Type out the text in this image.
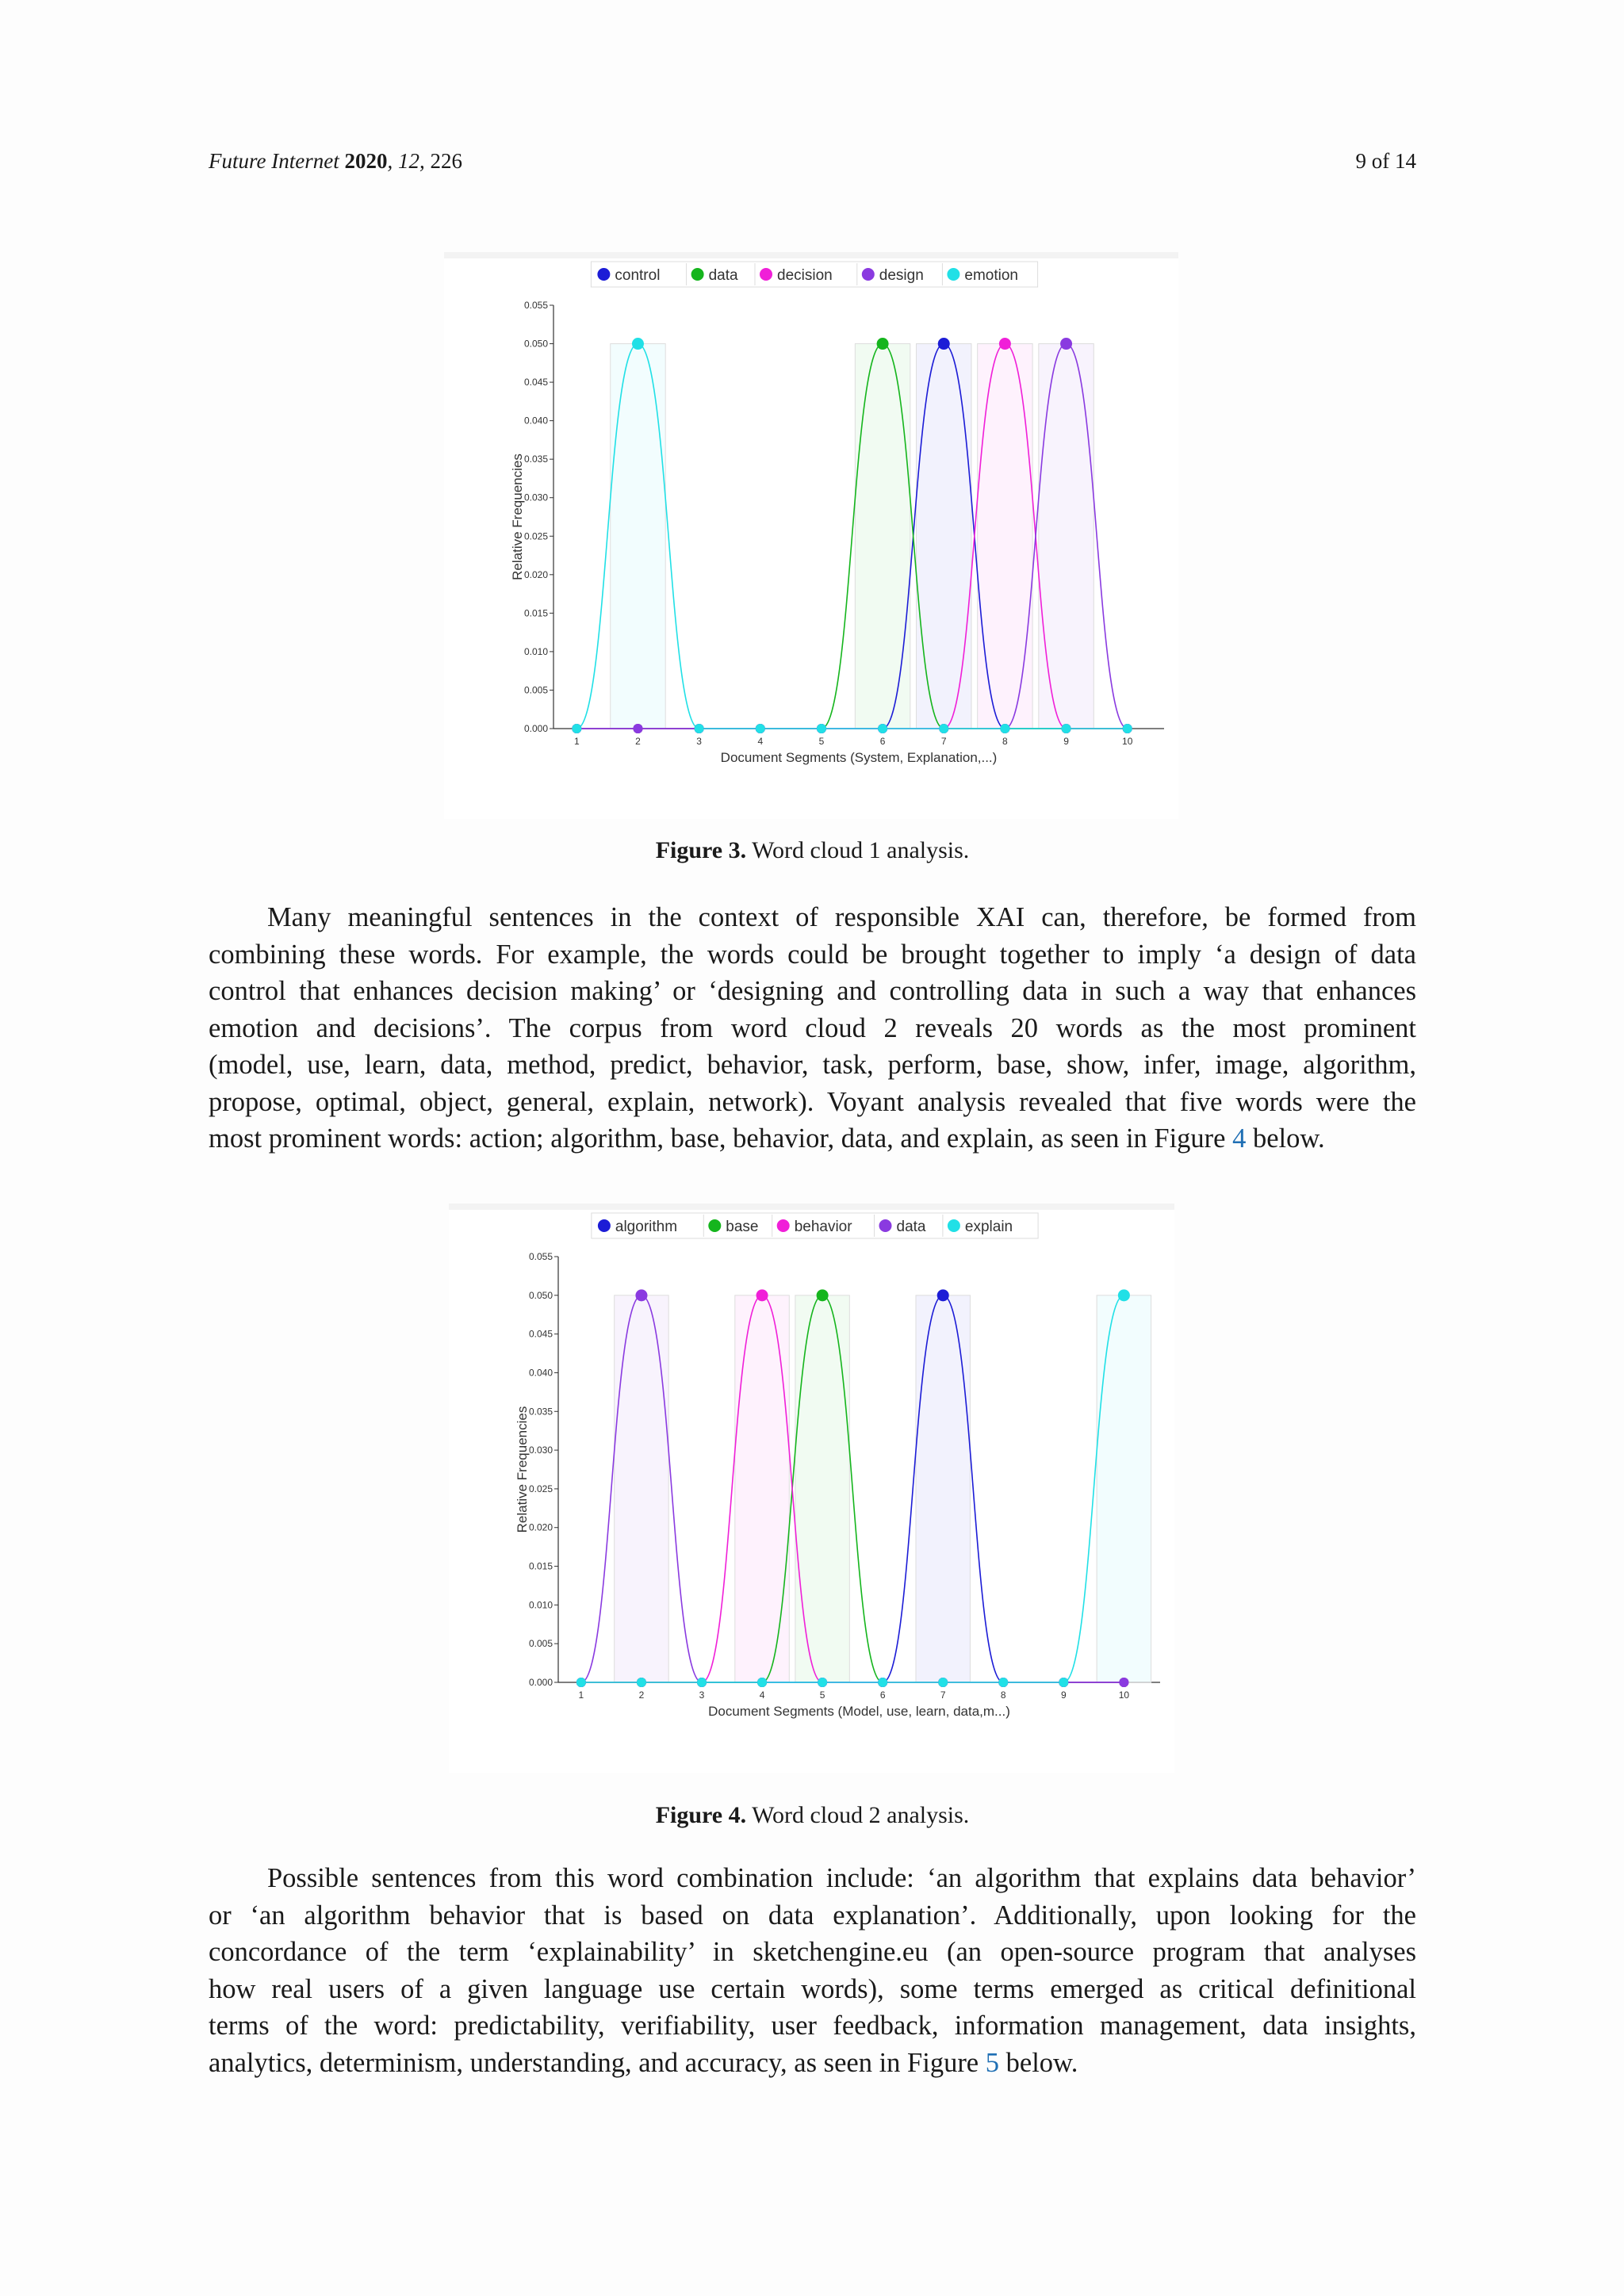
Future Internet 2020, 12, 226	9 of 14
control	data	decision	design	emotion
0.000
0.005
0.010
0.015
0.020
0.025
0.030
0.035
0.040
0.045
0.050
0.055
Relative Frequencies
1	2	3	4	5	6	7	8	9	10
Document Segments (System, Explanation,...)
Figure 3. Word cloud 1 analysis.
Many meaningful sentences in the context of responsible XAI can, therefore, be formed from
combining these words. For example, the words could be brought together to imply ‘a design of data
control that enhances decision making’ or ‘designing and controlling data in such a way that enhances
emotion and decisions’. The corpus from word cloud 2 reveals 20 words as the most prominent
(model, use, learn, data, method, predict, behavior, task, perform, base, show, infer, image, algorithm,
propose, optimal, object, general, explain, network). Voyant analysis revealed that five words were the
most prominent words: action; algorithm, base, behavior, data, and explain, as seen in Figure 4 below.
algorithm	base behavior	data	explain
0.000
0.005
0.010
0.015
0.020
0.025
0.030
0.035
0.040
0.045
0.050
0.055
Relative Frequencies
1	2	3	4	5	6	7	8	9	10
Document Segments (Model, use, learn, data,m...)
Figure 4. Word cloud 2 analysis.
Possible sentences from this word combination include: ‘an algorithm that explains data behavior’
or ‘an algorithm behavior that is based on data explanation’. Additionally, upon looking for the
concordance of the term ‘explainability’ in sketchengine.eu (an open-source program that analyses
how real users of a given language use certain words), some terms emerged as critical definitional
terms of the word: predictability, verifiability, user feedback, information management, data insights,
analytics, determinism, understanding, and accuracy, as seen in Figure 5 below.
